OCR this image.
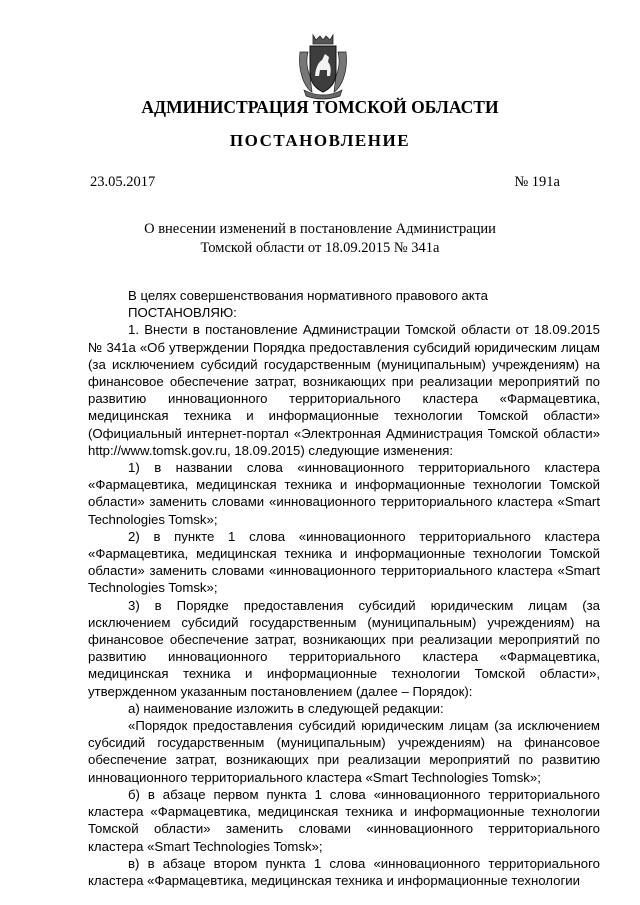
АДМИНИСТРАЦИЯ ТОМСКОЙ ОБЛАСТИ
ПОСТАНОВЛЕНИЕ
23.05.2017	№ 191а
О внесении изменений в постановление Администрации
Томской области от 18.09.2015 № 341а

В целях совершенствования нормативного правового акта

ПОСТАНОВЛЯЮ:

1. Внести в постановление Администрации Томской области от 18.09.2015 № 341а «Об утверждении Порядка предоставления субсидий юридическим лицам (за исключением субсидий государственным (муниципальным) учреждениям) на финансовое обеспечение затрат, возникающих при реализации мероприятий по развитию инновационного территориального кластера «Фармацевтика, медицинская техника и информационные технологии Томской области» (Официальный интернет-портал «Электронная Администрация Томской области» http://www.tomsk.gov.ru, 18.09.2015) следующие изменения:

1) в названии слова «инновационного территориального кластера «Фармацевтика, медицинская техника и информационные технологии Томской области» заменить словами «инновационного территориального кластера «Smart Technologies Tomsk»;

2) в пункте 1 слова «инновационного территориального кластера «Фармацевтика, медицинская техника и информационные технологии Томской области» заменить словами «инновационного территориального кластера «Smart Technologies Tomsk»;

3) в Порядке предоставления субсидий юридическим лицам (за исключением субсидий государственным (муниципальным) учреждениям) на финансовое обеспечение затрат, возникающих при реализации мероприятий по развитию инновационного территориального кластера «Фармацевтика, медицинская техника и информационные технологии Томской области», утвержденном указанным постановлением (далее – Порядок):

а) наименование изложить в следующей редакции:

«Порядок предоставления субсидий юридическим лицам (за исключением субсидий государственным (муниципальным) учреждениям) на финансовое обеспечение затрат, возникающих при реализации мероприятий по развитию инновационного территориального кластера «Smart Technologies Tomsk»;

б) в абзаце первом пункта 1 слова «инновационного территориального кластера «Фармацевтика, медицинская техника и информационные технологии Томской области» заменить словами «инновационного территориального кластера «Smart Technologies Tomsk»;

в) в абзаце втором пункта 1 слова «инновационного территориального кластера «Фармацевтика, медицинская техника и информационные технологии
